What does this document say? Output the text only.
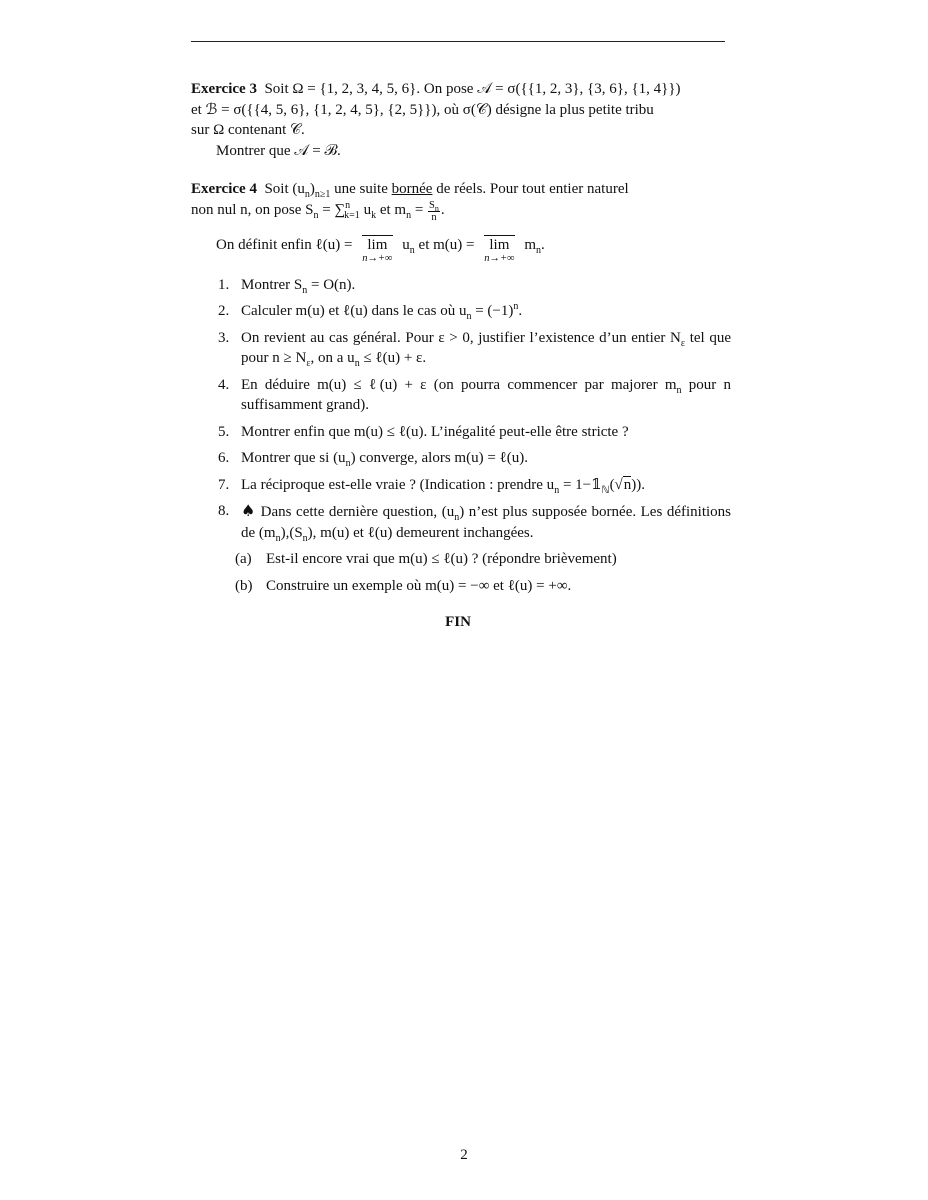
Exercice 3 Soit Ω = {1, 2, 3, 4, 5, 6}. On pose 𝒜 = σ({{1, 2, 3}, {3, 6}, {1, 4}})
et ℬ = σ({{4, 5, 6}, {1, 2, 4, 5}, {2, 5}}), où σ(𝒞) désigne la plus petite tribu
sur Ω contenant 𝒞.

Montrer que 𝒜 = ℬ.

Exercice 4 Soit $(u_n)_{n\ge 1}$ une suite bornée de réels. Pour tout entier naturel
non nul n, on pose $S_n = \sum^n_{k=1}$ $u_k$ et $m_n = \frac{S_n}{n}$ .

On définit enfin ℓ(u) = lim
n→+∞
$u_n$ et m(u) = lim
n→+∞
$m_n$.
1. Montrer $S_n = O(n)$.
2. Calculer m(u) et ℓ(u) dans le cas où $u_n = (-1)^n$.
3. On revient au cas général. Pour ε > 0, justifier l’existence d’un entier $N_\varepsilon$ tel que pour $n \ge N_\varepsilon$, on a $u_n$ ≤ ℓ(u) + ε.
4. En déduire m(u) ≤ ℓ(u) + ε (on pourra commencer par majorer $m_n$ pour n suffisamment grand).
5. Montrer enfin que m(u) ≤ ℓ(u). L’inégalité peut-elle être stricte ?
6. Montrer que si $(u_n)$ converge, alors m(u) = ℓ(u).
7. La réciproque est-elle vraie ? (Indication : prendre $u_n$ = $1-𝟙_ℕ(√n)$).
8. ♠ Dans cette dernière question, $(u_n)$ n’est plus supposée bornée. Les définitions de $(m_n),(S_n)$, m(u) et ℓ(u) demeurent inchangées.
(a) Est-il encore vrai que m(u) ≤ ℓ(u) ? (répondre brièvement)
(b) Construire un exemple où m(u) = −∞ et ℓ(u) = +∞.
FIN
2
